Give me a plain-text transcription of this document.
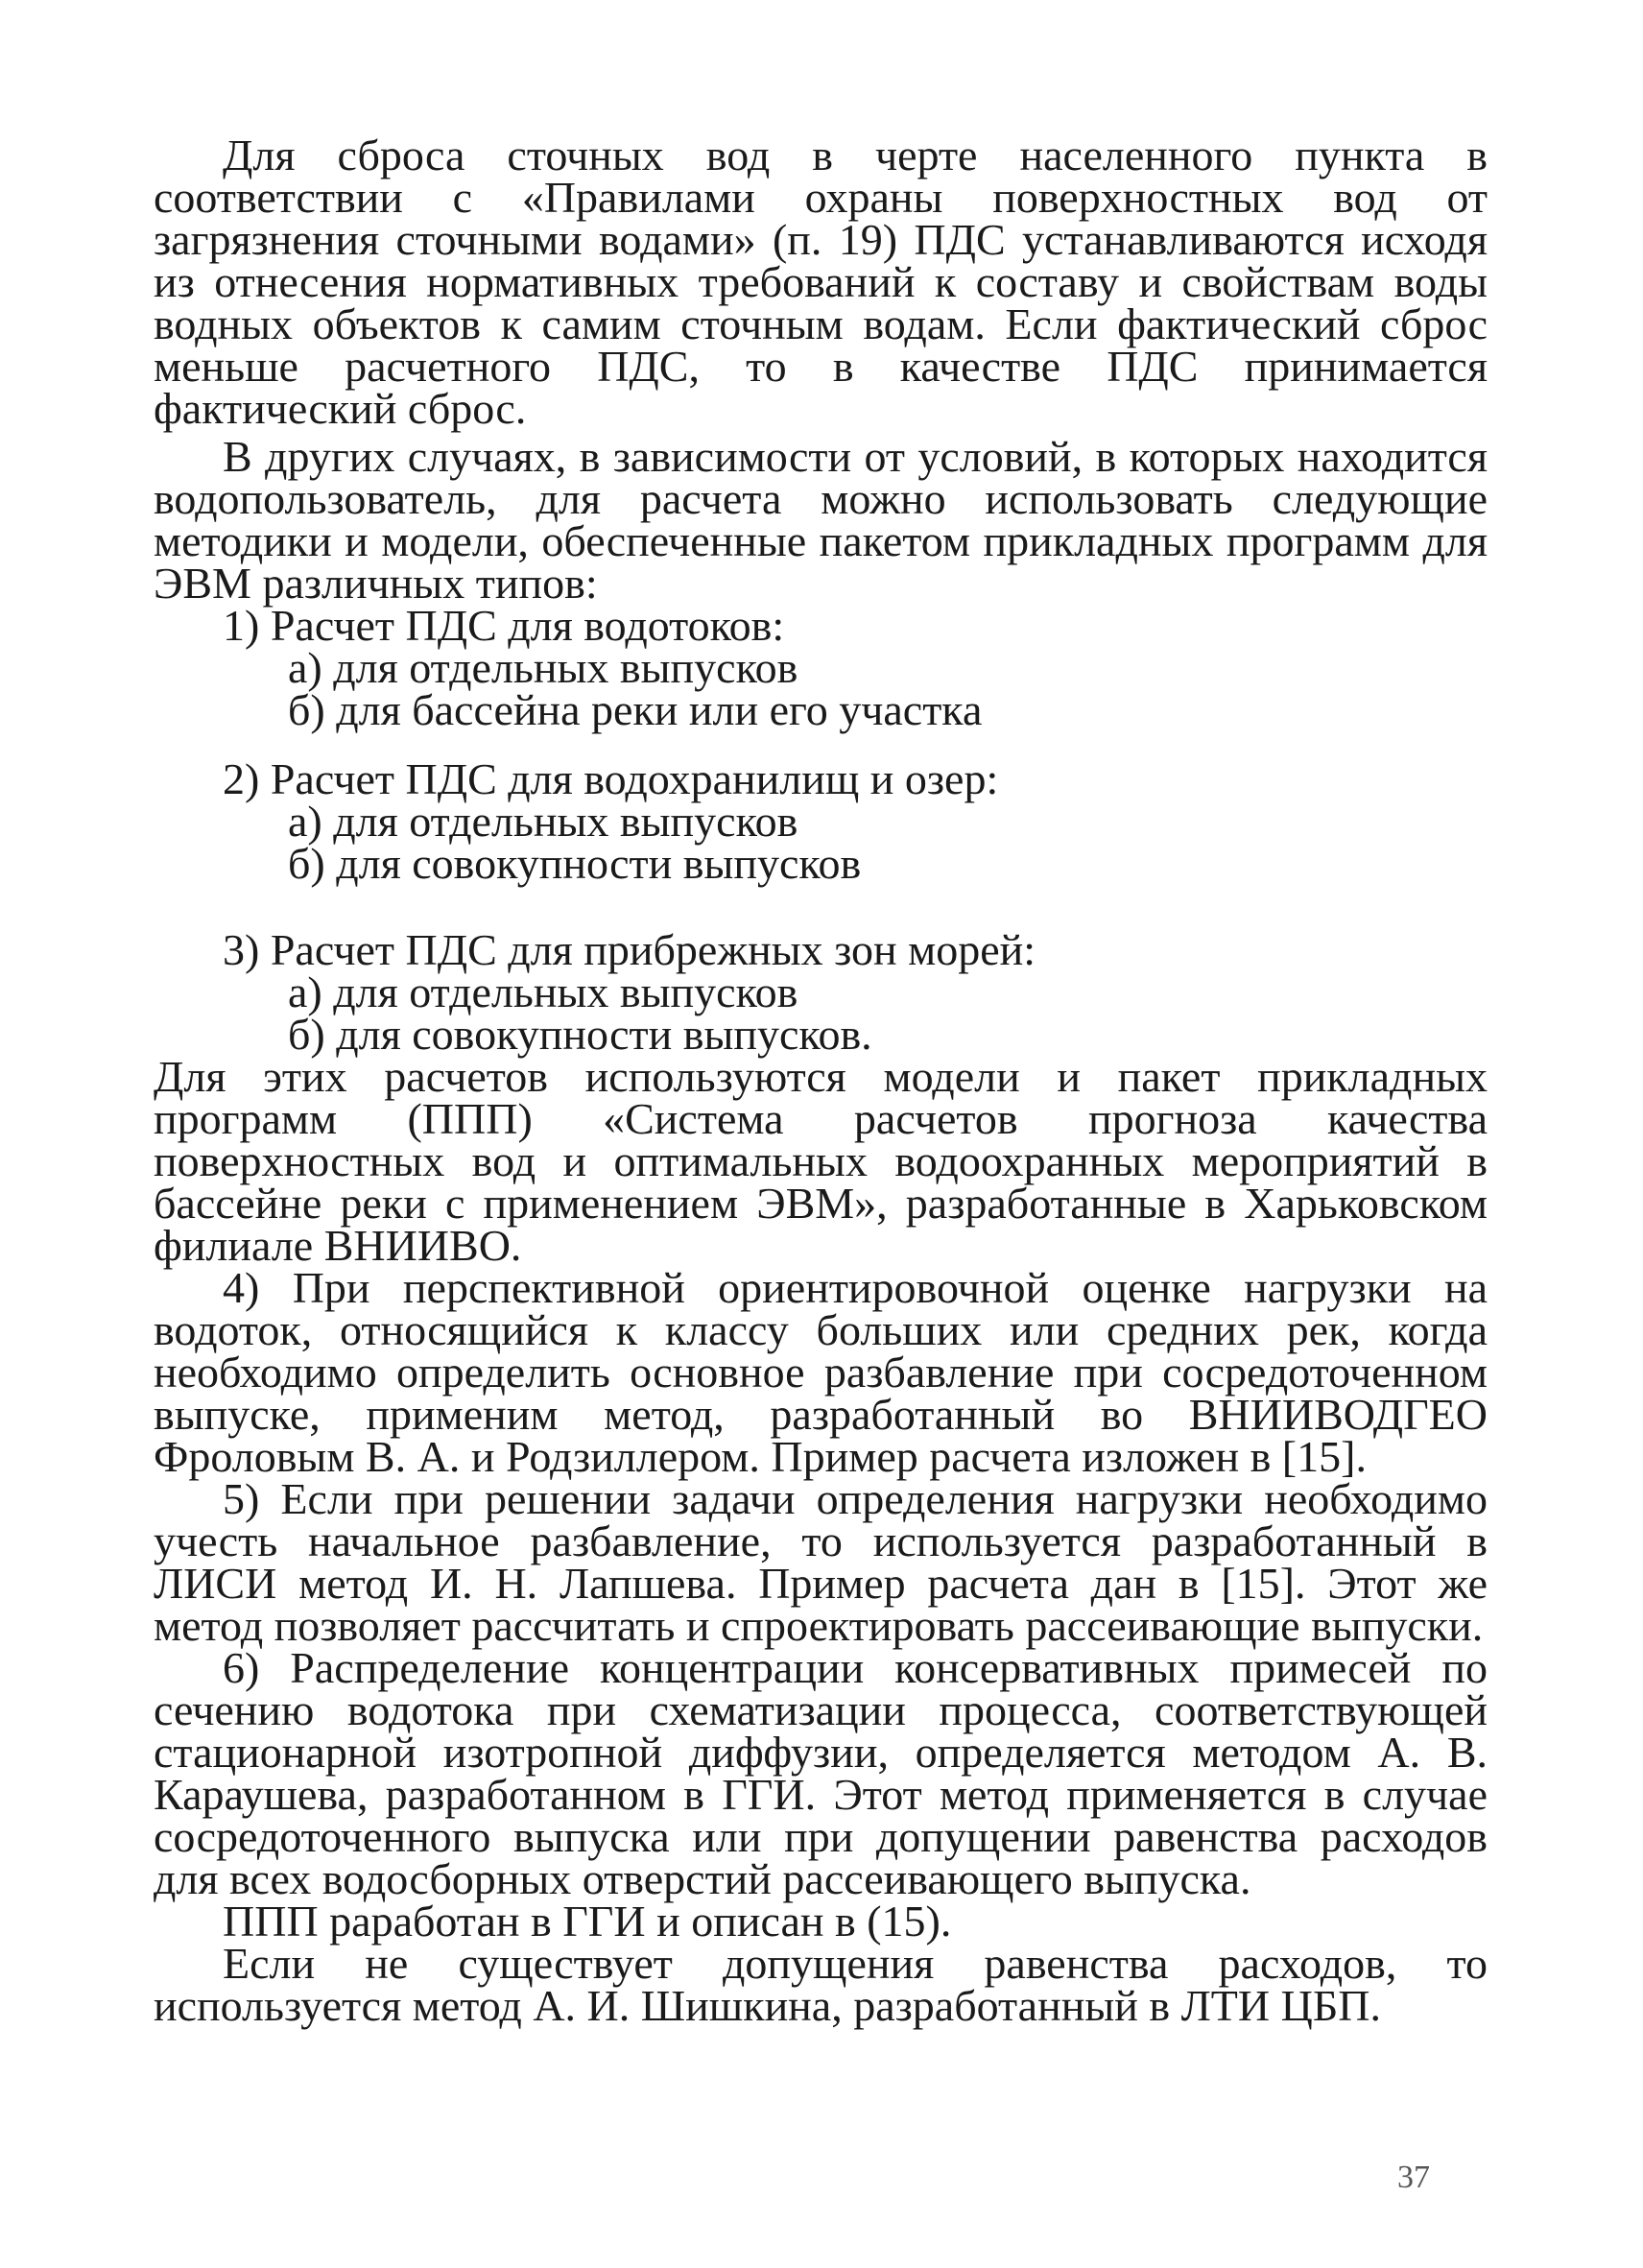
Для сброса сточных вод в черте населенного пункта в соответствии с «Правилами охраны поверхностных вод от загрязнения сточными водами» (п. 19) ПДС устанавливаются исходя из отнесения нормативных требований к составу и свойствам воды водных объектов к самим сточным водам. Если фактический сброс меньше расчетного ПДС, то в качестве ПДС принимается фактический сброс.

В других случаях, в зависимости от условий, в которых находится водопользователь, для расчета можно использовать следующие методики и модели, обеспеченные пакетом прикладных программ для ЭВМ различных типов:

1) Расчет ПДС для водотоков:

а) для отдельных выпусков

б) для бассейна реки или его участка

2) Расчет ПДС для водохранилищ и озер:

а) для отдельных выпусков

б) для совокупности выпусков

3) Расчет ПДС для прибрежных зон морей:

а) для отдельных выпусков

б) для совокупности выпусков.

Для этих расчетов используются модели и пакет прикладных программ (ППП) «Система расчетов прогноза качества поверхностных вод и оптимальных водоохранных мероприятий в бассейне реки с применением ЭВМ», разработанные в Харьковском филиале ВНИИВО.

4) При перспективной ориентировочной оценке нагрузки на водоток, относящийся к классу больших или средних рек, когда необходимо определить основное разбавление при сосредоточенном выпуске, применим метод, разработанный во ВНИИВОДГЕО Фроловым В. А. и Родзиллером. Пример расчета изложен в [15].

5) Если при решении задачи определения нагрузки необходимо учесть начальное разбавление, то используется разработанный в ЛИСИ метод И. Н. Лапшева. Пример расчета дан в [15]. Этот же метод позволяет рассчитать и спроектировать рассеивающие выпуски.

6) Распределение концентрации консервативных примесей по сечению водотока при схематизации процесса, соответствующей стационарной изотропной диффузии, определяется методом А. В. Караушева, разработанном в ГГИ. Этот метод применяется в случае сосредоточенного выпуска или при допущении равенства расходов для всех водосборных отверстий рассеивающего выпуска.

ППП раработан в ГГИ и описан в (15).

Если не существует допущения равенства расходов, то используется метод А. И. Шишкина, разработанный в ЛТИ ЦБП.

37
